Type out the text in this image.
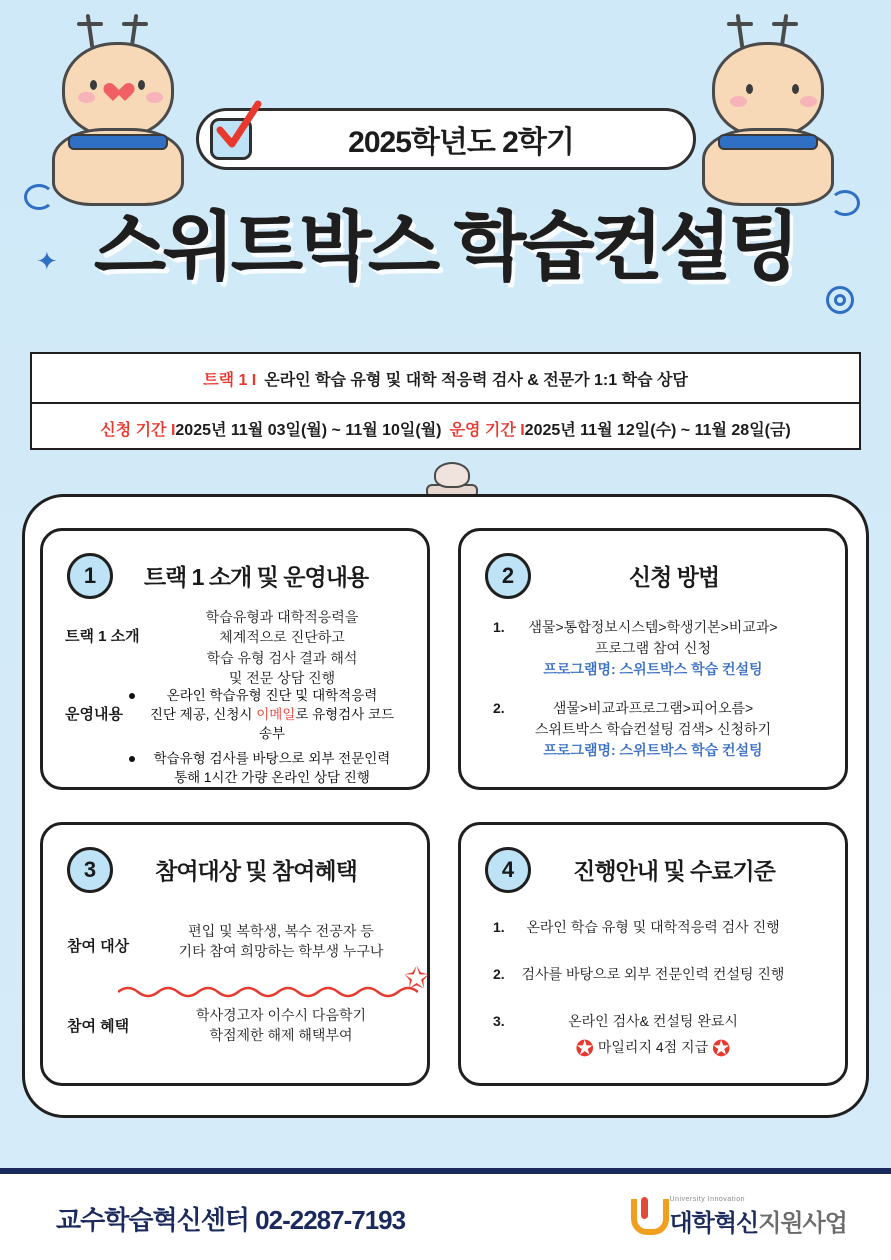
✦
2025학년도 2학기
스위트박스 학습컨설팅
트랙 1 I 온라인 학습 유형 및 대학 적응력 검사 & 전문가 1:1 학습 상담
신청 기간 I 2025년 11월 03일(월) ~ 11월 10일(월) 운영 기간 I 2025년 11월 12일(수) ~ 11월 28일(금)
1	트랙 1 소개 및 운영내용
트랙 1 소개
학습유형과 대학적응력을
체계적으로 진단하고
학습 유형 검사 결과 해석
및 전문 상담 진행
운영내용
온라인 학습유형 진단 및 대학적응력
진단 제공, 신청시 이메일로 유형검사 코드
송부
학습유형 검사를 바탕으로 외부 전문인력
통해 1시간 가량 온라인 상담 진행
2	신청 방법
1.	샘물>통합정보시스템>학생기본>비교과>
프로그램 참여 신청
프로그램명: 스위트박스 학습 컨설팅
2.	샘물>비교과프로그램>피어오름>
스위트박스 학습컨설팅 검색> 신청하기
프로그램명: 스위트박스 학습 컨설팅
3	참여대상 및 참여혜택
참여 대상
편입 및 복학생, 복수 전공자 등
기타 참여 희망하는 학부생 누구나
참여 혜택
학사경고자 이수시 다음학기
학점제한 해제 해택부여
✩
4	진행안내 및 수료기준
1.	온라인 학습 유형 및 대학적응력 검사 진행
2.	검사를 바탕으로 외부 전문인력 컨설팅 진행
3.	온라인 검사& 컨설팅 완료시
✪ 마일리지 4점 지급 ✪
교수학습혁신센터 02-2287-7193
University Innovation
대학혁신지원사업
